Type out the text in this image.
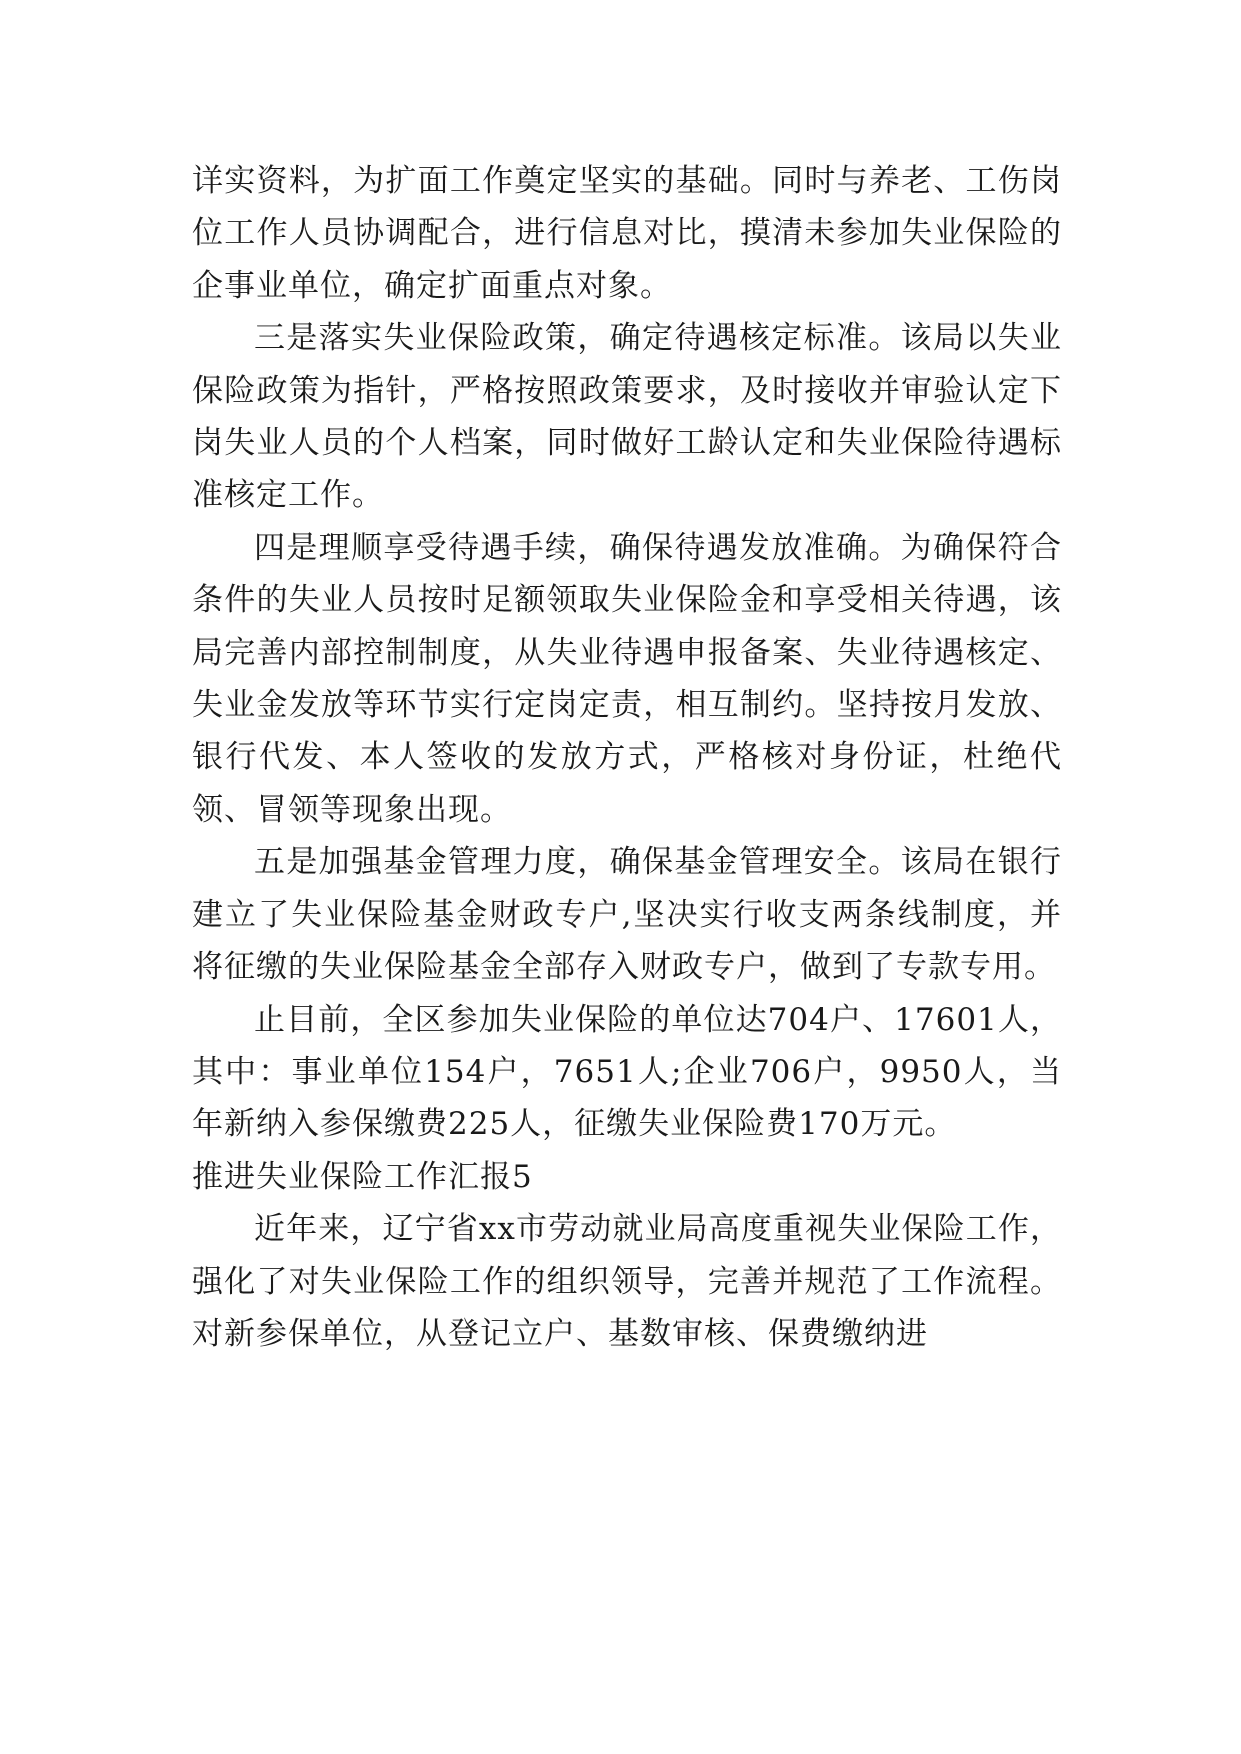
详实资料，为扩面工作奠定坚实的基础。同时与养老、工伤岗位工作人员协调配合，进行信息对比，摸清未参加失业保险的企事业单位，确定扩面重点对象。

三是落实失业保险政策，确定待遇核定标准。该局以失业保险政策为指针，严格按照政策要求，及时接收并审验认定下岗失业人员的个人档案，同时做好工龄认定和失业保险待遇标准核定工作。

四是理顺享受待遇手续，确保待遇发放准确。为确保符合条件的失业人员按时足额领取失业保险金和享受相关待遇，该局完善内部控制制度，从失业待遇申报备案、失业待遇核定、失业金发放等环节实行定岗定责，相互制约。坚持按月发放、银行代发、本人签收的发放方式，严格核对身份证，杜绝代领、冒领等现象出现。

五是加强基金管理力度，确保基金管理安全。该局在银行建立了失业保险基金财政专户,坚决实行收支两条线制度，并将征缴的失业保险基金全部存入财政专户，做到了专款专用。

止目前，全区参加失业保险的单位达704户、17601人，其中：事业单位154户，7651人;企业706户，9950人，当年新纳入参保缴费225人，征缴失业保险费170万元。

推进失业保险工作汇报5

近年来，辽宁省xx市劳动就业局高度重视失业保险工作，强化了对失业保险工作的组织领导，完善并规范了工作流程。对新参保单位，从登记立户、基数审核、保费缴纳进
